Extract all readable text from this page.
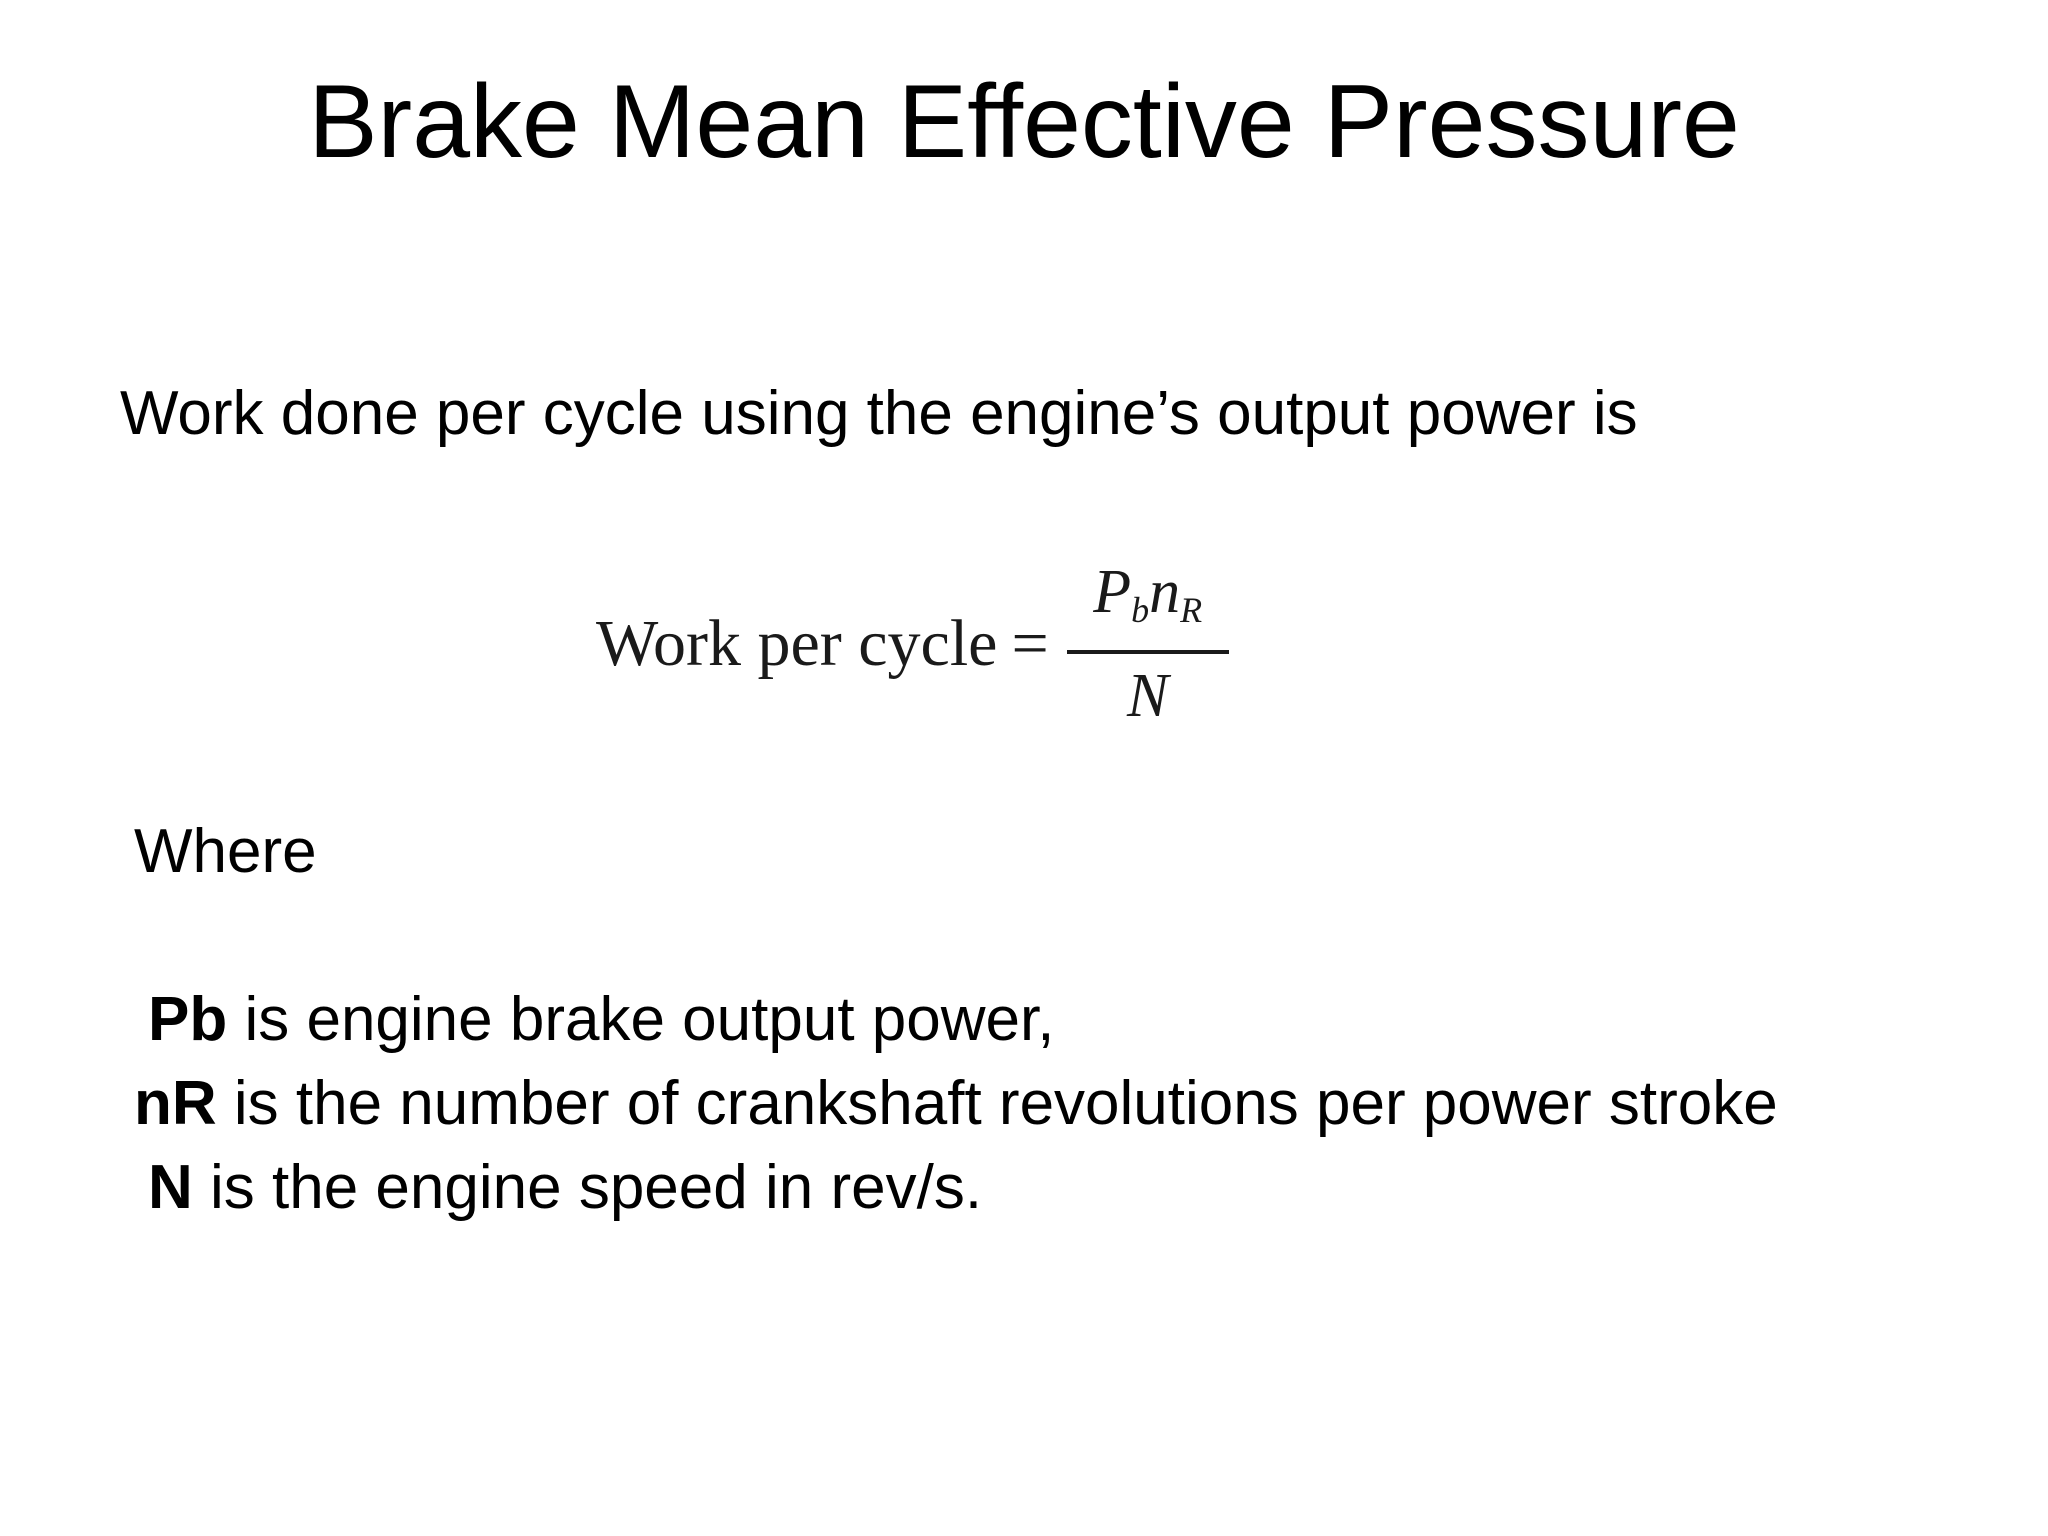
Brake Mean Effective Pressure
Work done per cycle using the engine’s output power is
Work per cycle = $\frac{P_bn_R}{N}$
Where
Pb is engine brake output power,
nR is the number of crankshaft revolutions per power stroke
N is the engine speed in rev/s.
